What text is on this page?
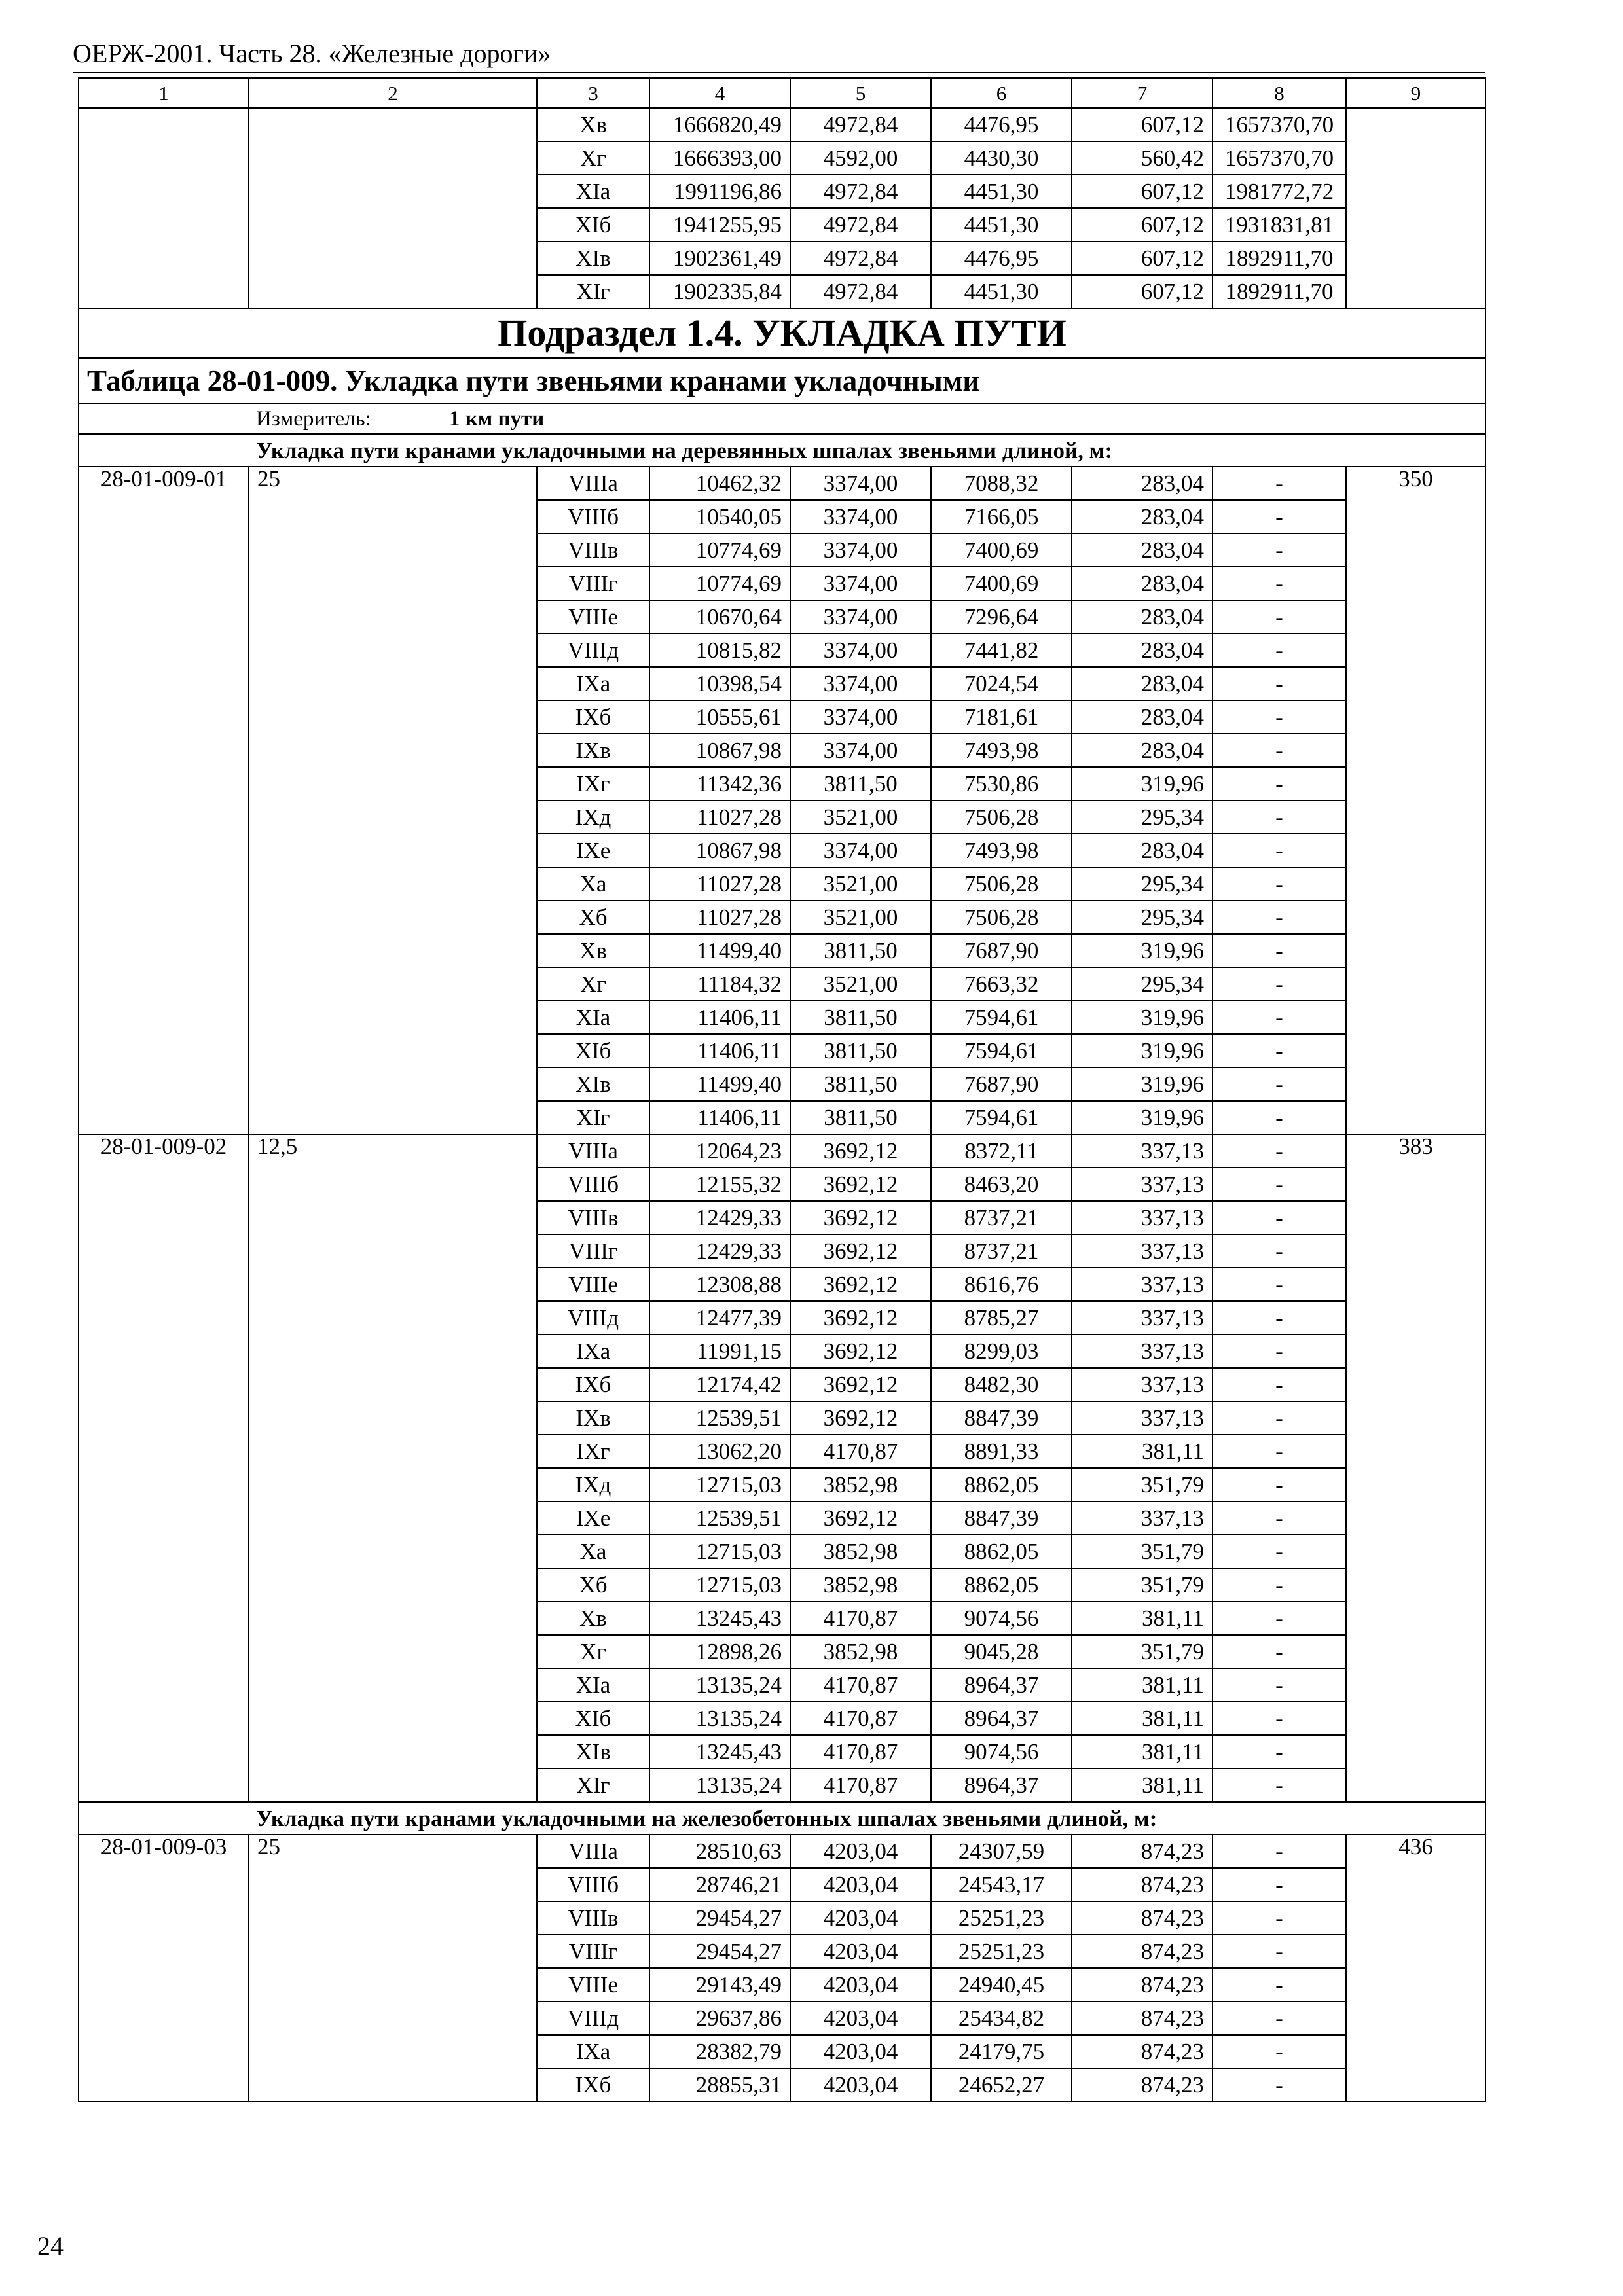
ОЕРЖ-2001. Часть 28. «Железные дороги»
1	2	3	4	5	6	7	8	9
		Хв	1666820,49	4972,84	4476,95	607,12	1657370,70	
		Хг	1666393,00	4592,00	4430,30	560,42	1657370,70	
		ХIа	1991196,86	4972,84	4451,30	607,12	1981772,72	
		ХIб	1941255,95	4972,84	4451,30	607,12	1931831,81	
		ХIв	1902361,49	4972,84	4476,95	607,12	1892911,70	
		ХIг	1902335,84	4972,84	4451,30	607,12	1892911,70	
Подраздел 1.4. УКЛАДКА ПУТИ								
Таблица 28-01-009. Укладка пути звеньями кранами укладочными								
Измеритель: 1 км пути								
Укладка пути кранами укладочными на деревянных шпалах звеньями длиной, м:								
28-01-009-01	25	VIIIа	10462,32	3374,00	7088,32	283,04	-	350
		VIIIб	10540,05	3374,00	7166,05	283,04	-	
		VIIIв	10774,69	3374,00	7400,69	283,04	-	
		VIIIг	10774,69	3374,00	7400,69	283,04	-	
		VIIIе	10670,64	3374,00	7296,64	283,04	-	
		VIIIд	10815,82	3374,00	7441,82	283,04	-	
		IХа	10398,54	3374,00	7024,54	283,04	-	
		IХб	10555,61	3374,00	7181,61	283,04	-	
		IХв	10867,98	3374,00	7493,98	283,04	-	
		IХг	11342,36	3811,50	7530,86	319,96	-	
		IХд	11027,28	3521,00	7506,28	295,34	-	
		IХе	10867,98	3374,00	7493,98	283,04	-	
		Ха	11027,28	3521,00	7506,28	295,34	-	
		Хб	11027,28	3521,00	7506,28	295,34	-	
		Хв	11499,40	3811,50	7687,90	319,96	-	
		Хг	11184,32	3521,00	7663,32	295,34	-	
		ХIа	11406,11	3811,50	7594,61	319,96	-	
		ХIб	11406,11	3811,50	7594,61	319,96	-	
		ХIв	11499,40	3811,50	7687,90	319,96	-	
		ХIг	11406,11	3811,50	7594,61	319,96	-	
28-01-009-02	12,5	VIIIа	12064,23	3692,12	8372,11	337,13	-	383
		VIIIб	12155,32	3692,12	8463,20	337,13	-	
		VIIIв	12429,33	3692,12	8737,21	337,13	-	
		VIIIг	12429,33	3692,12	8737,21	337,13	-	
		VIIIе	12308,88	3692,12	8616,76	337,13	-	
		VIIIд	12477,39	3692,12	8785,27	337,13	-	
		IХа	11991,15	3692,12	8299,03	337,13	-	
		IХб	12174,42	3692,12	8482,30	337,13	-	
		IХв	12539,51	3692,12	8847,39	337,13	-	
		IХг	13062,20	4170,87	8891,33	381,11	-	
		IХд	12715,03	3852,98	8862,05	351,79	-	
		IХе	12539,51	3692,12	8847,39	337,13	-	
		Ха	12715,03	3852,98	8862,05	351,79	-	
		Хб	12715,03	3852,98	8862,05	351,79	-	
		Хв	13245,43	4170,87	9074,56	381,11	-	
		Хг	12898,26	3852,98	9045,28	351,79	-	
		ХIа	13135,24	4170,87	8964,37	381,11	-	
		ХIб	13135,24	4170,87	8964,37	381,11	-	
		ХIв	13245,43	4170,87	9074,56	381,11	-	
		ХIг	13135,24	4170,87	8964,37	381,11	-	
Укладка пути кранами укладочными на железобетонных шпалах звеньями длиной, м:								
28-01-009-03	25	VIIIа	28510,63	4203,04	24307,59	874,23	-	436
		VIIIб	28746,21	4203,04	24543,17	874,23	-	
		VIIIв	29454,27	4203,04	25251,23	874,23	-	
		VIIIг	29454,27	4203,04	25251,23	874,23	-	
		VIIIе	29143,49	4203,04	24940,45	874,23	-	
		VIIIд	29637,86	4203,04	25434,82	874,23	-	
		IХа	28382,79	4203,04	24179,75	874,23	-	
		IХб	28855,31	4203,04	24652,27	874,23	-	
24
